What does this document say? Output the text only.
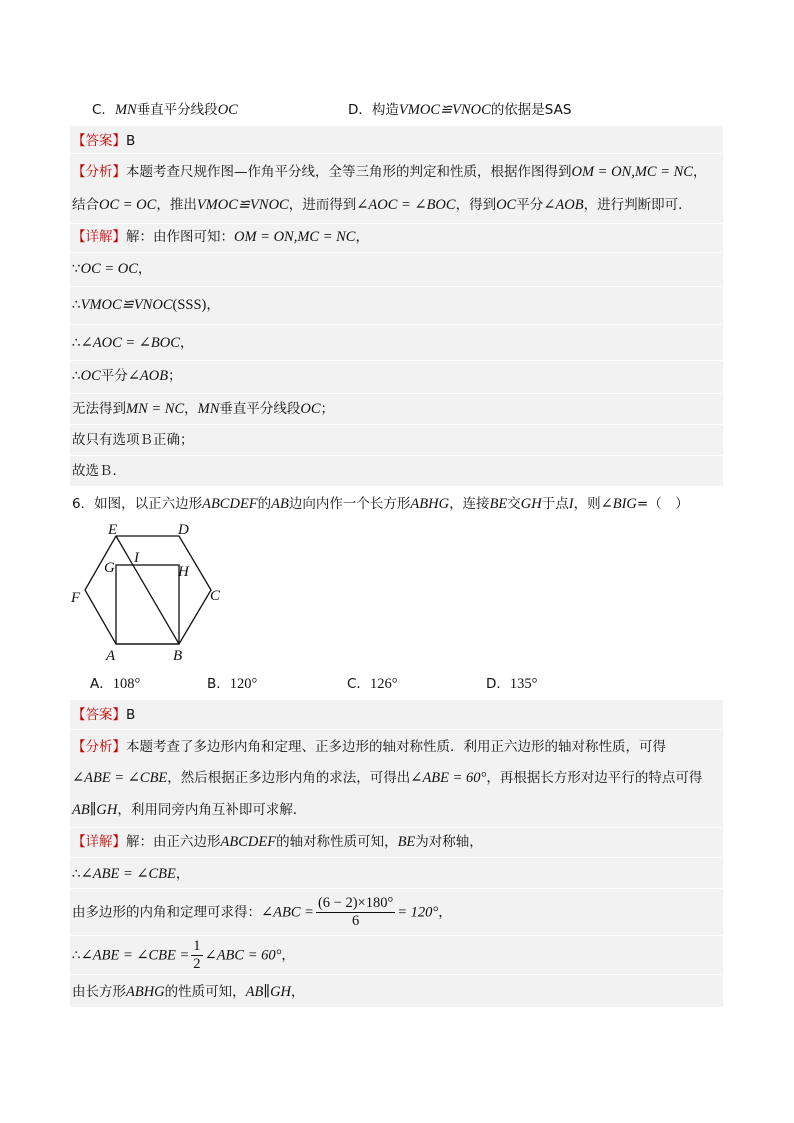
C．MN垂直平分线段OC	D．构造VMOC≌VNOC的依据是SAS
【答案】B
【分析】本题考查尺规作图—作角平分线，全等三角形的判定和性质，根据作图得到OM = ON,MC = NC，
结合OC = OC，推出VMOC≌VNOC，进而得到∠AOC = ∠BOC，得到OC平分∠AOB，进行判断即可．
【详解】解：由作图可知：OM = ON,MC = NC，
∵OC = OC，
∴VMOC≌VNOC(SSS)，
∴∠AOC = ∠BOC，
∴OC平分∠AOB；
无法得到MN = NC，MN垂直平分线段OC；
故只有选项Ｂ正确；
故选Ｂ．
6．如图，以正六边形ABCDEF的AB边向内作一个长方形ABHG，连接BE交GH于点I，则∠BIG=（　）
E	D
I
G	H
F	C
A	B
A．108°	B．120°	C．126°	D．135°
【答案】B
【分析】本题考查了多边形内角和定理、正多边形的轴对称性质．利用正六边形的轴对称性质，可得
∠ABE = ∠CBE，然后根据正多边形内角的求法，可得出∠ABE = 60°，再根据长方形对边平行的特点可得
AB∥GH，利用同旁内角互补即可求解．
【详解】解：由正六边形ABCDEF的轴对称性质可知，BE为对称轴，
∴∠ABE = ∠CBE，
由多边形的内角和定理可求得：∠ABC = $\frac{(6 - 2)\times 180^\circ}{6} = 120^\circ$，
∴∠ABE = ∠CBE = $\frac{1}{2}$ ∠ABC = 60°，
由长方形ABHG的性质可知，AB∥GH，
